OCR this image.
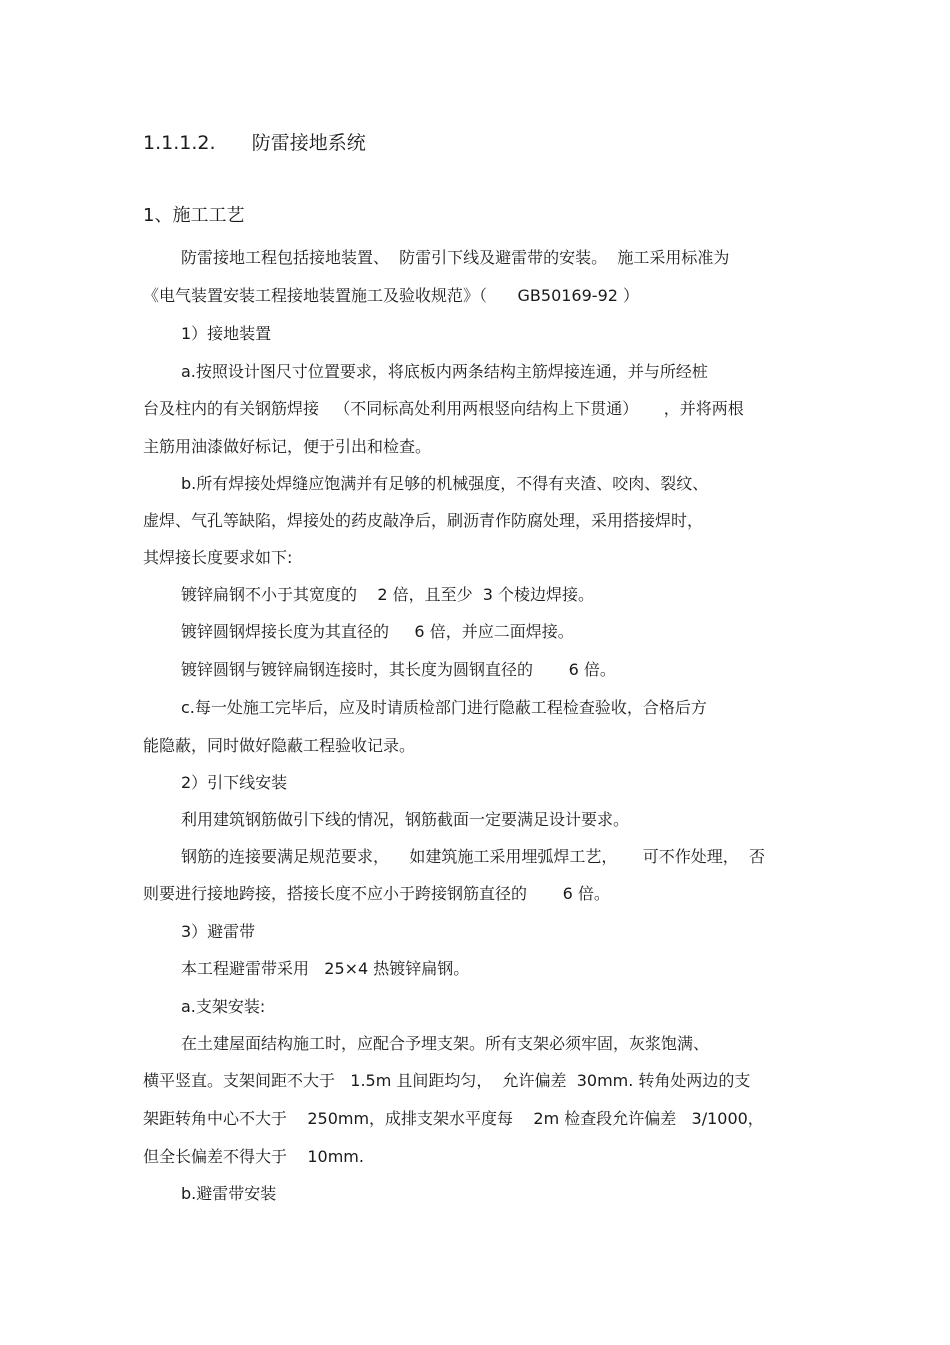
1.1.1.2.      防雷接地系统
1、施工工艺
防雷接地工程包括接地装置、  防雷引下线及避雷带的安装。  施工采用标准为
《电气装置安装工程接地装置施工及验收规范》（      GB50169-92 ）
1）接地装置
a.按照设计图尺寸位置要求，将底板内两条结构主筋焊接连通，并与所经桩
台及柱内的有关钢筋焊接   （不同标高处利用两根竖向结构上下贯通）     ，并将两根
主筋用油漆做好标记，便于引出和检查。
b.所有焊接处焊缝应饱满并有足够的机械强度，不得有夹渣、咬肉、裂纹、
虚焊、气孔等缺陷，焊接处的药皮敲净后，刷沥青作防腐处理，采用搭接焊时，
其焊接长度要求如下:
镀锌扁钢不小于其宽度的    2 倍，且至少  3 个棱边焊接。
镀锌圆钢焊接长度为其直径的     6 倍，并应二面焊接。
镀锌圆钢与镀锌扁钢连接时，其长度为圆钢直径的       6 倍。
c.每一处施工完毕后，应及时请质检部门进行隐蔽工程检查验收，合格后方
能隐蔽，同时做好隐蔽工程验收记录。
2）引下线安装
利用建筑钢筋做引下线的情况，钢筋截面一定要满足设计要求。
钢筋的连接要满足规范要求，    如建筑施工采用埋弧焊工艺，     可不作处理，  否
则要进行接地跨接，搭接长度不应小于跨接钢筋直径的       6 倍。
3）避雷带
本工程避雷带采用   25×4 热镀锌扁钢。
a.支架安装:
在土建屋面结构施工时，应配合予埋支架。所有支架必须牢固，灰浆饱满、
横平竖直。支架间距不大于   1.5m 且间距均匀，  允许偏差  30mm. 转角处两边的支
架距转角中心不大于    250mm，成排支架水平度每    2m 检查段允许偏差   3/1000，
但全长偏差不得大于    10mm.
b.避雷带安装
